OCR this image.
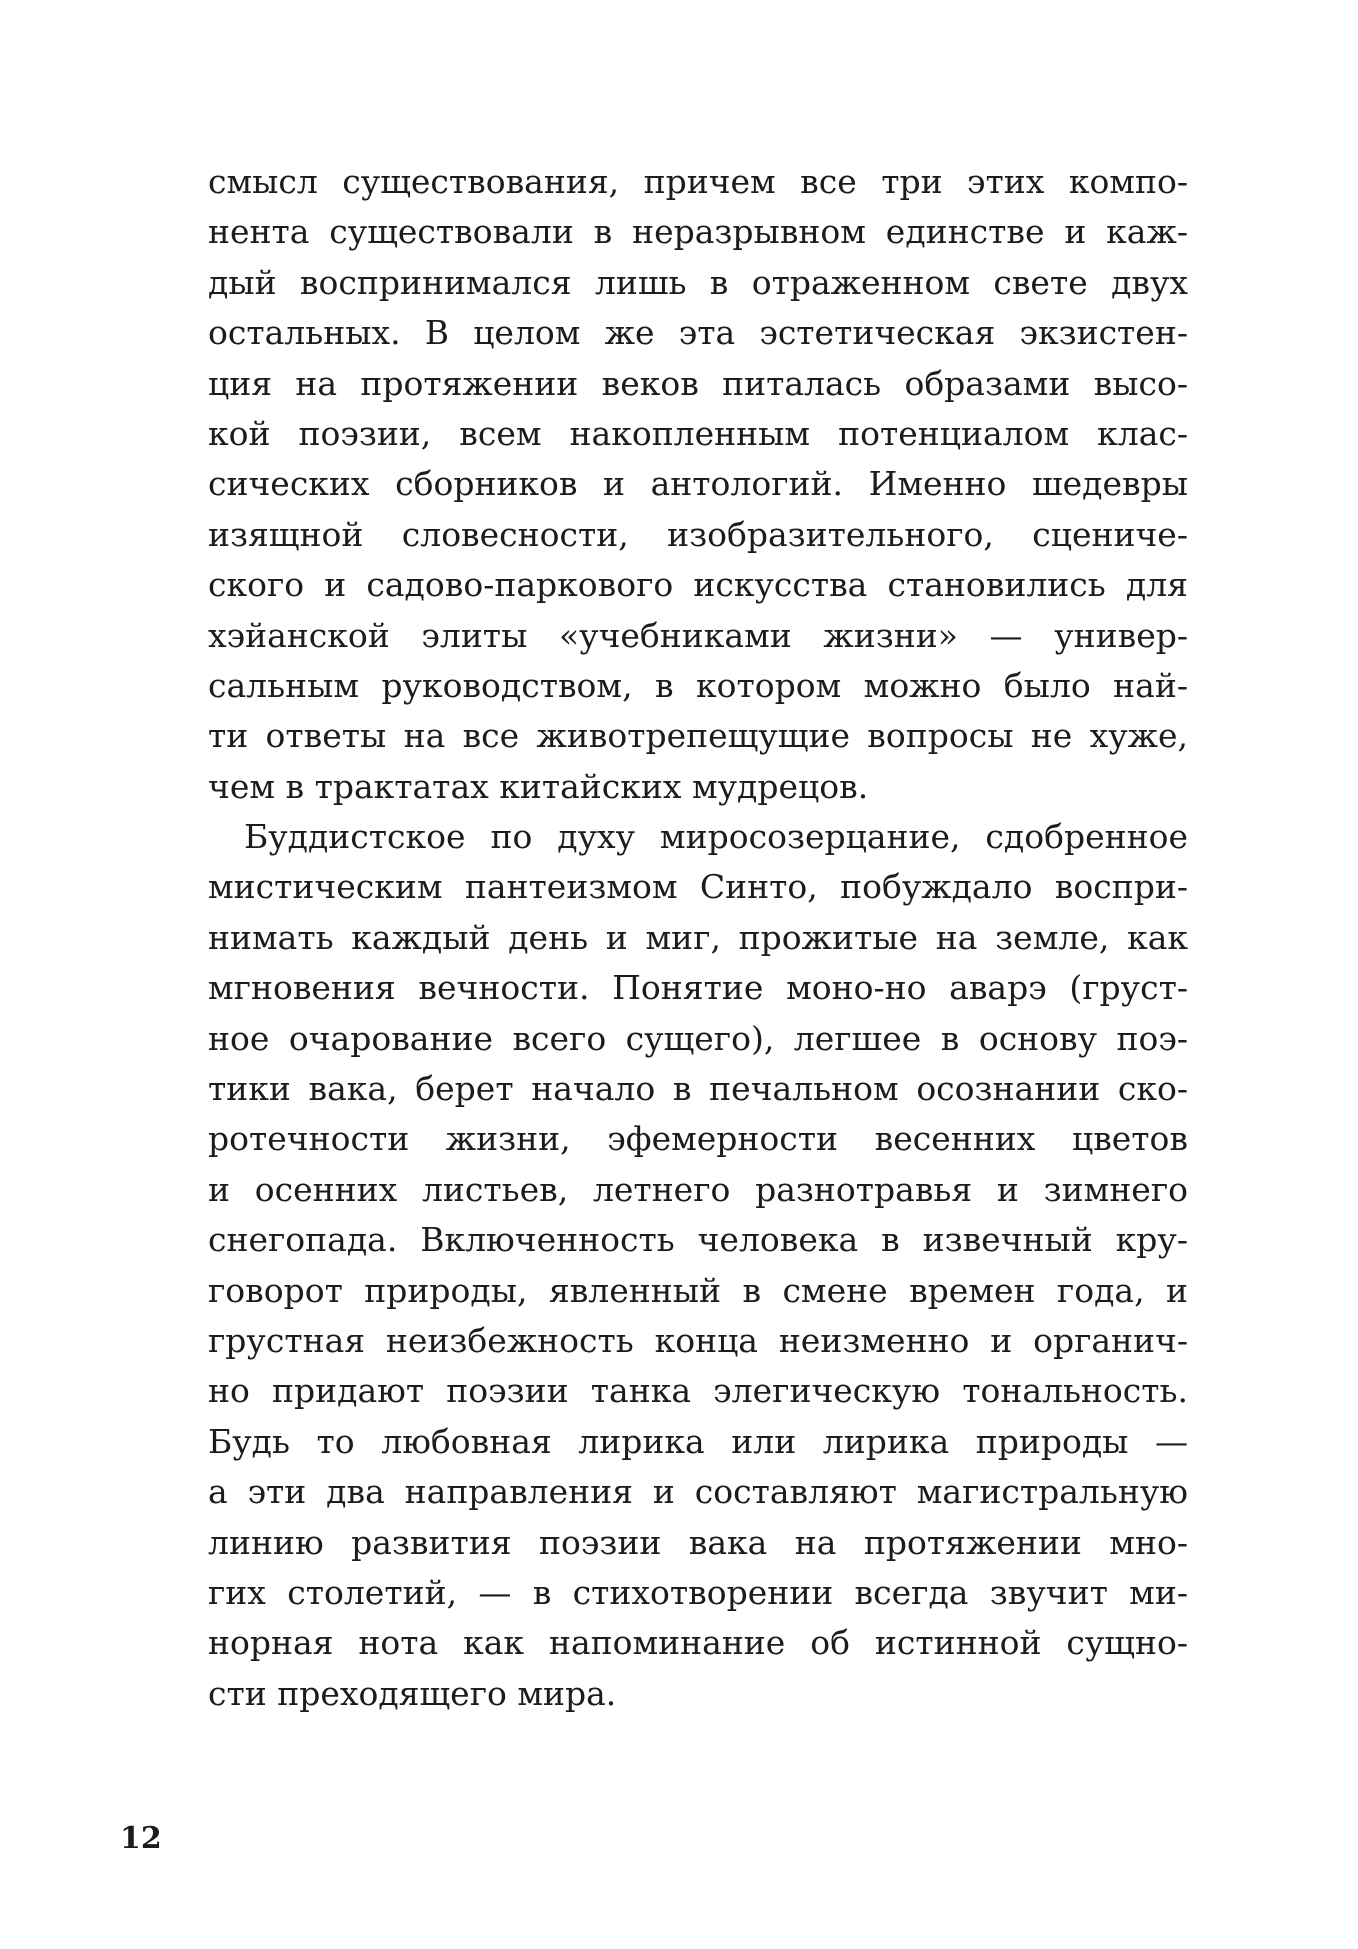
смысл существования, причем все три этих компо-
нента существовали в неразрывном единстве и каж-
дый воспринимался лишь в отраженном свете двух
остальных. В целом же эта эстетическая экзистен-
ция на протяжении веков питалась образами высо-
кой поэзии, всем накопленным потенциалом клас-
сических сборников и антологий. Именно шедевры
изящной словесности, изобразительного, сцениче-
ского и садово-паркового искусства становились для
хэйанской элиты «учебниками жизни» — универ-
сальным руководством, в котором можно было най-
ти ответы на все животрепещущие вопросы не хуже,
чем в трактатах китайских мудрецов.
Буддистское по духу миросозерцание, сдобренное
мистическим пантеизмом Синто, побуждало воспри-
нимать каждый день и миг, прожитые на земле, как
мгновения вечности. Понятие моно-но аварэ (груст-
ное очарование всего сущего), легшее в основу поэ-
тики вака, берет начало в печальном осознании ско-
ротечности жизни, эфемерности весенних цветов
и осенних листьев, летнего разнотравья и зимнего
снегопада. Включенность человека в извечный кру-
говорот природы, явленный в смене времен года, и
грустная неизбежность конца неизменно и органич-
но придают поэзии танка элегическую тональность.
Будь то любовная лирика или лирика природы —
а эти два направления и составляют магистральную
линию развития поэзии вака на протяжении мно-
гих столетий, — в стихотворении всегда звучит ми-
норная нота как напоминание об истинной сущно-
сти преходящего мира.
12
